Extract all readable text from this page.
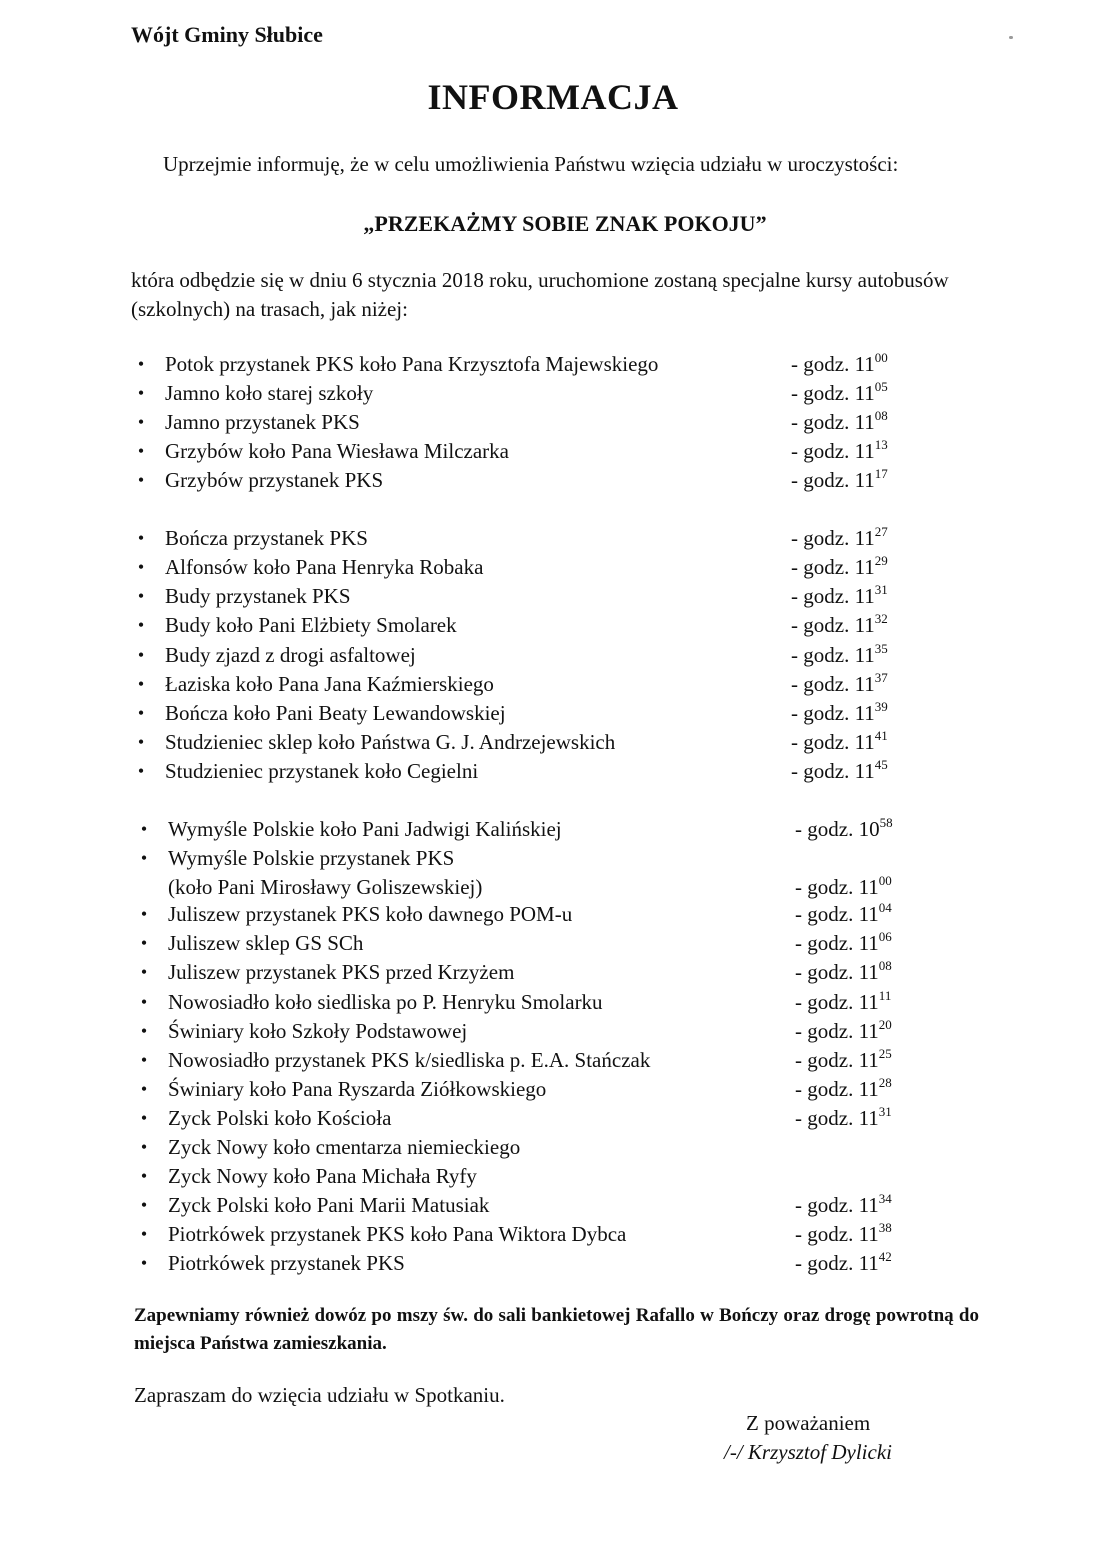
Wójt Gminy Słubice
INFORMACJA
Uprzejmie informuję, że w celu umożliwienia Państwu wzięcia udziału w uroczystości:
„PRZEKAŻMY SOBIE ZNAK POKOJU”
która odbędzie się w dniu 6 stycznia 2018 roku, uruchomione zostaną specjalne kursy autobusów (szkolnych) na trasach, jak niżej:
• Potok przystanek PKS koło Pana Krzysztofa Majewskiego	- godz. $11^{00}$
• Jamno koło starej szkoły	- godz. $11^{05}$
• Jamno przystanek PKS	- godz. $11^{08}$
• Grzybów koło Pana Wiesława Milczarka	- godz. $11^{13}$
• Grzybów przystanek PKS	- godz. $11^{17}$
• Bończa przystanek PKS	- godz. $11^{27}$
• Alfonsów koło Pana Henryka Robaka	- godz. $11^{29}$
• Budy przystanek PKS	- godz. $11^{31}$
• Budy koło Pani Elżbiety Smolarek	- godz. $11^{32}$
• Budy zjazd z drogi asfaltowej	- godz. $11^{35}$
• Łaziska koło Pana Jana Kaźmierskiego	- godz. $11^{37}$
• Bończa koło Pani Beaty Lewandowskiej	- godz. $11^{39}$
• Studzieniec sklep koło Państwa G. J. Andrzejewskich	- godz. $11^{41}$
• Studzieniec przystanek koło Cegielni	- godz. $11^{45}$
• Wymyśle Polskie koło Pani Jadwigi Kalińskiej	- godz. $10^{58}$
• Wymyśle Polskie przystanek PKS
(koło Pani Mirosławy Goliszewskiej)	- godz. $11^{00}$
• Juliszew przystanek PKS koło dawnego POM-u	- godz. $11^{04}$
• Juliszew sklep GS SCh	- godz. $11^{06}$
• Juliszew przystanek PKS przed Krzyżem	- godz. $11^{08}$
• Nowosiadło koło siedliska po P. Henryku Smolarku	- godz. $11^{11}$
• Świniary koło Szkoły Podstawowej	- godz. $11^{20}$
• Nowosiadło przystanek PKS k/siedliska p. E.A. Stańczak	- godz. $11^{25}$
• Świniary koło Pana Ryszarda Ziółkowskiego	- godz. $11^{28}$
• Zyck Polski koło Kościoła	- godz. $11^{31}$
• Zyck Nowy koło cmentarza niemieckiego
• Zyck Nowy koło Pana Michała Ryfy
• Zyck Polski koło Pani Marii Matusiak	- godz. $11^{34}$
• Piotrkówek przystanek PKS koło Pana Wiktora Dybca	- godz. $11^{38}$
• Piotrkówek przystanek PKS	- godz. $11^{42}$
Zapewniamy również dowóz po mszy św. do sali bankietowej Rafallo w Bończy oraz drogę powrotną do miejsca Państwa zamieszkania.
Zapraszam do wzięcia udziału w Spotkaniu.
Z poważaniem
/-/ Krzysztof Dylicki
